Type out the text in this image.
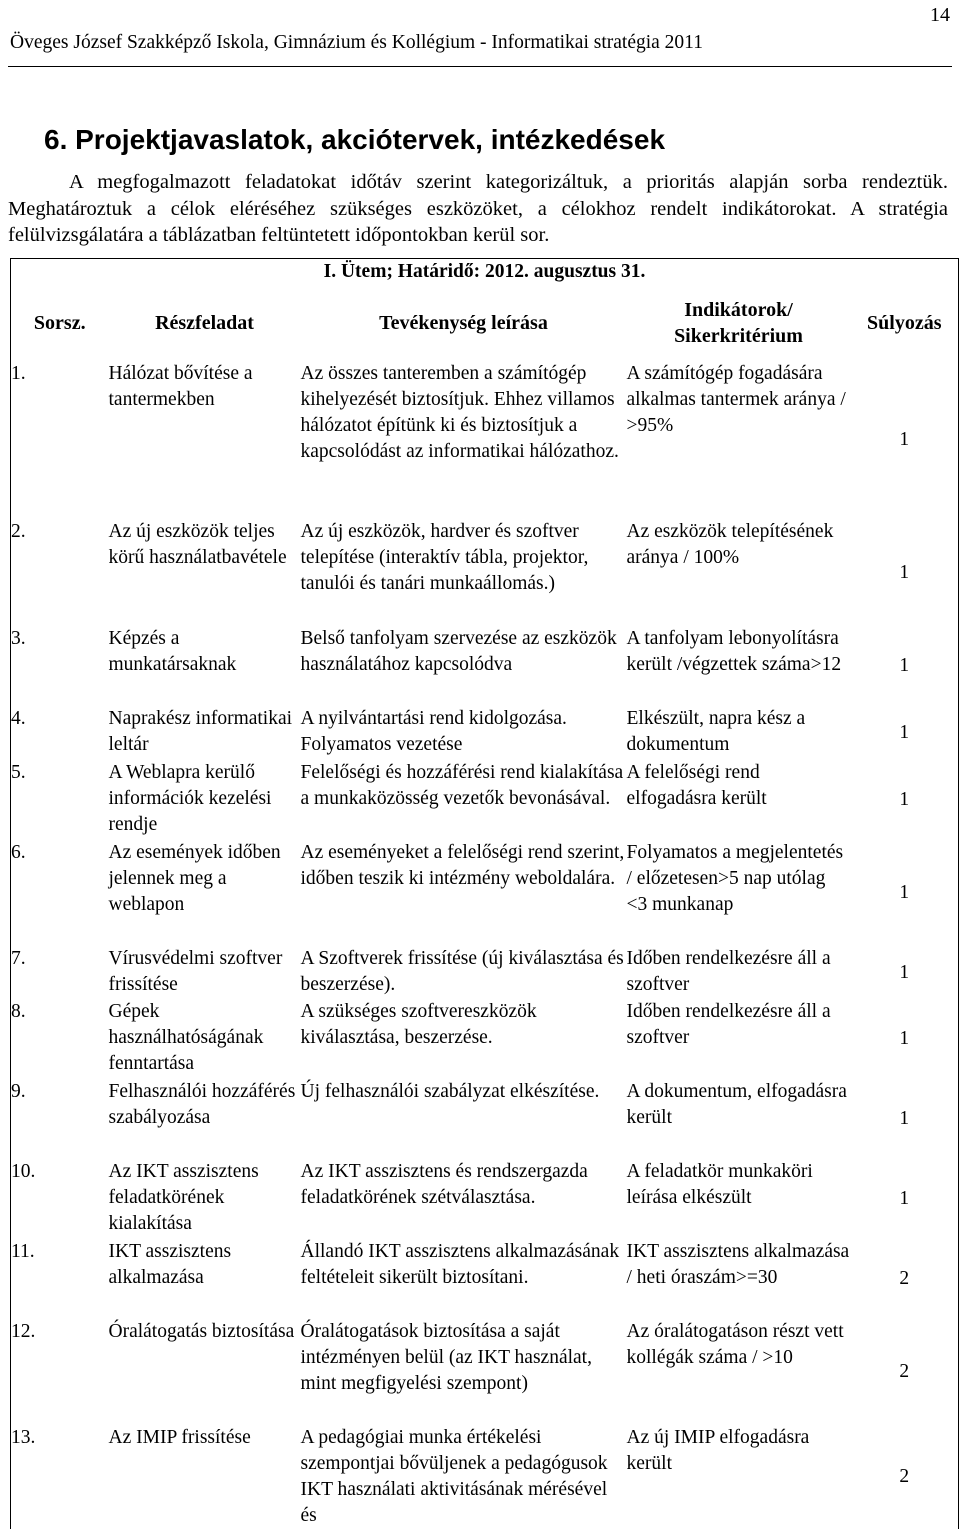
14
Öveges József Szakképző Iskola, Gimnázium és Kollégium - Informatikai stratégia 2011
6. Projektjavaslatok, akciótervek, intézkedések

A megfogalmazott feladatokat időtáv szerint kategorizáltuk, a prioritás alapján sorba rendeztük. Meghatároztuk a célok eléréséhez szükséges eszközöket, a célokhoz rendelt indikátorokat. A stratégia felülvizsgálatára a táblázatban feltüntetett időpontokban kerül sor.

I. Ütem; Határidő: 2012. augusztus 31.				
Sorsz.	Részfeladat	Tevékenység leírása	Indikátorok/ Sikerkritérium	Súlyozás
1.	Hálózat bővítése a tantermekben	Az összes tanteremben a számítógép kihelyezését biztosítjuk. Ehhez villamos hálózatot építünk ki és biztosítjuk a kapcsolódást az informatikai hálózathoz.	A számítógép fogadására alkalmas tantermek aránya / >95%	1
2.	Az új eszközök teljes körű használatbavétele	Az új eszközök, hardver és szoftver telepítése (interaktív tábla, projektor, tanulói és tanári munkaállomás.)	Az eszközök telepítésének aránya / 100%	1
3.	Képzés a munkatársaknak	Belső tanfolyam szervezése az eszközök használatához kapcsolódva	A tanfolyam lebonyolításra került /végzettek száma>12	1
4.	Naprakész informatikai leltár	A nyilvántartási rend kidolgozása. Folyamatos vezetése	Elkészült, napra kész a dokumentum	1
5.	A Weblapra kerülő információk kezelési rendje	Felelőségi és hozzáférési rend kialakítása a munkaközösség vezetők bevonásával.	A felelőségi rend elfogadásra került	1
6.	Az események időben jelennek meg a weblapon	Az eseményeket a felelőségi rend szerint, időben teszik ki intézmény weboldalára.	Folyamatos a megjelentetés / előzetesen>5 nap utólag <3 munkanap	1
7.	Vírusvédelmi szoftver frissítése	A Szoftverek frissítése (új kiválasztása és beszerzése).	Időben rendelkezésre áll a szoftver	1
8.	Gépek használhatóságának fenntartása	A szükséges szoftvereszközök kiválasztása, beszerzése.	Időben rendelkezésre áll a szoftver	1
9.	Felhasználói hozzáférés szabályozása	Új felhasználói szabályzat elkészítése.	A dokumentum, elfogadásra került	1
10.	Az IKT asszisztens feladatkörének kialakítása	Az IKT asszisztens és rendszergazda feladatkörének szétválasztása.	A feladatkör munkaköri leírása elkészült	1
11.	IKT asszisztens alkalmazása	Állandó IKT asszisztens alkalmazásának feltételeit sikerült biztosítani.	IKT asszisztens alkalmazása / heti óraszám>=30	2
12.	Óralátogatás biztosítása	Óralátogatások biztosítása a saját intézményen belül (az IKT használat, mint megfigyelési szempont)	Az óralátogatáson részt vett kollégák száma / >10	2
13.	Az IMIP frissítése	A pedagógiai munka értékelési szempontjai bővüljenek a pedagógusok IKT használati aktivitásának mérésével és	Az új IMIP elfogadásra került	2
